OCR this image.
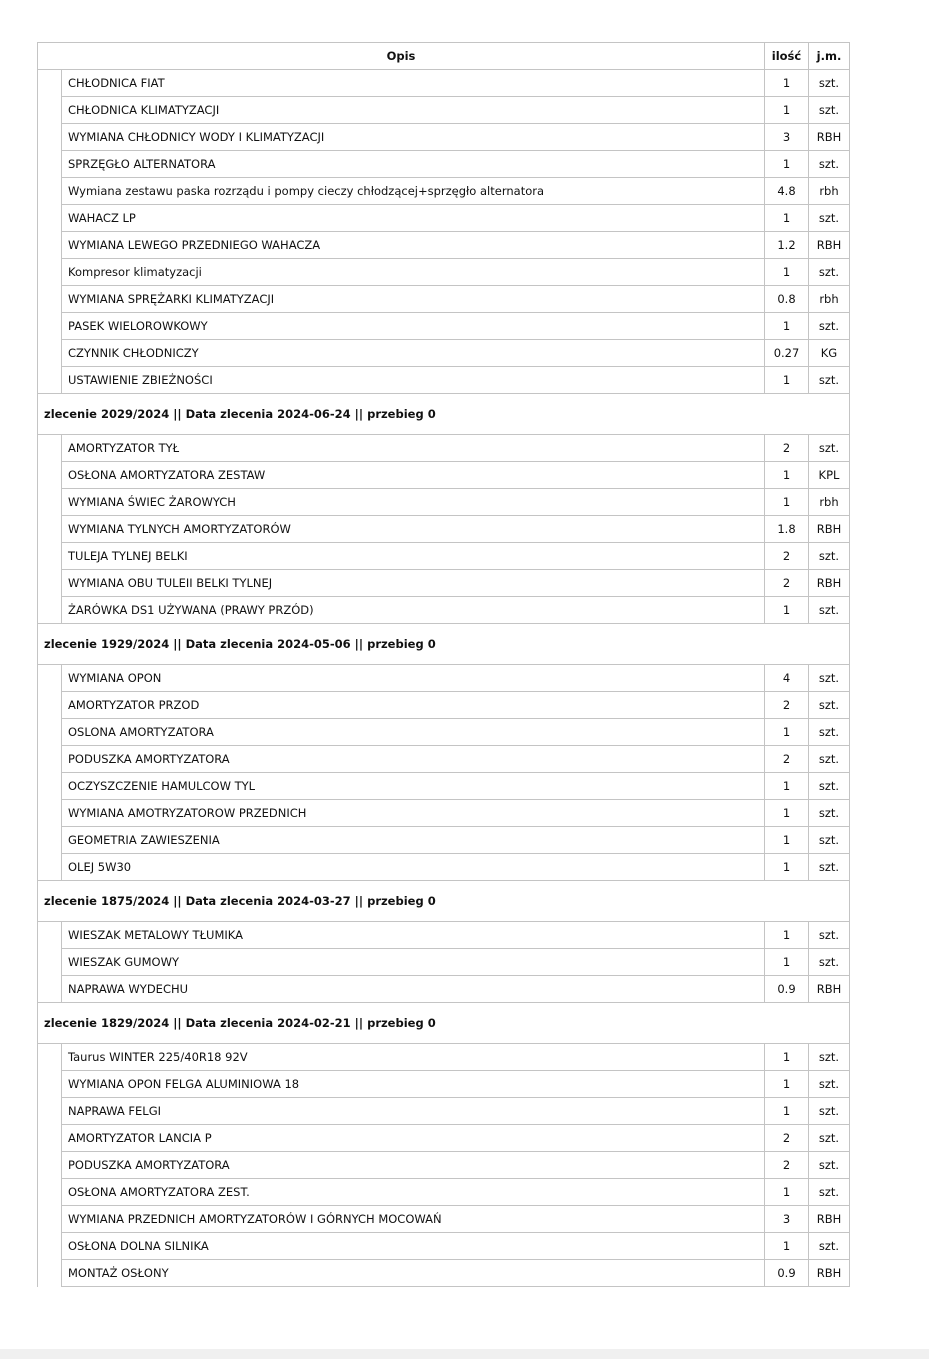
Opis		ilość	j.m.
	CHŁODNICA FIAT	1	szt.
	CHŁODNICA KLIMATYZACJI	1	szt.
	WYMIANA CHŁODNICY WODY I KLIMATYZACJI	3	RBH
	SPRZĘGŁO ALTERNATORA	1	szt.
	Wymiana zestawu paska rozrządu i pompy cieczy chłodzącej+sprzęgło alternatora	4.8	rbh
	WAHACZ LP	1	szt.
	WYMIANA LEWEGO PRZEDNIEGO WAHACZA	1.2	RBH
	Kompresor klimatyzacji	1	szt.
	WYMIANA SPRĘŻARKI KLIMATYZACJI	0.8	rbh
	PASEK WIELOROWKOWY	1	szt.
	CZYNNIK CHŁODNICZY	0.27	KG
	USTAWIENIE ZBIEŻNOŚCI	1	szt.
zlecenie 2029/2024 || Data zlecenia 2024-06-24 || przebieg 0			
	AMORTYZATOR TYŁ	2	szt.
	OSŁONA AMORTYZATORA ZESTAW	1	KPL
	WYMIANA ŚWIEC ŻAROWYCH	1	rbh
	WYMIANA TYLNYCH AMORTYZATORÓW	1.8	RBH
	TULEJA TYLNEJ BELKI	2	szt.
	WYMIANA OBU TULEII BELKI TYLNEJ	2	RBH
	ŻARÓWKA DS1 UŻYWANA (PRAWY PRZÓD)	1	szt.
zlecenie 1929/2024 || Data zlecenia 2024-05-06 || przebieg 0			
	WYMIANA OPON	4	szt.
	AMORTYZATOR PRZOD	2	szt.
	OSLONA AMORTYZATORA	1	szt.
	PODUSZKA AMORTYZATORA	2	szt.
	OCZYSZCZENIE HAMULCOW TYL	1	szt.
	WYMIANA AMOTRYZATOROW PRZEDNICH	1	szt.
	GEOMETRIA ZAWIESZENIA	1	szt.
	OLEJ 5W30	1	szt.
zlecenie 1875/2024 || Data zlecenia 2024-03-27 || przebieg 0			
	WIESZAK METALOWY TŁUMIKA	1	szt.
	WIESZAK GUMOWY	1	szt.
	NAPRAWA WYDECHU	0.9	RBH
zlecenie 1829/2024 || Data zlecenia 2024-02-21 || przebieg 0			
	Taurus WINTER 225/40R18 92V	1	szt.
	WYMIANA OPON FELGA ALUMINIOWA 18	1	szt.
	NAPRAWA FELGI	1	szt.
	AMORTYZATOR LANCIA P	2	szt.
	PODUSZKA AMORTYZATORA	2	szt.
	OSŁONA AMORTYZATORA ZEST.	1	szt.
	WYMIANA PRZEDNICH AMORTYZATORÓW I GÓRNYCH MOCOWAŃ	3	RBH
	OSŁONA DOLNA SILNIKA	1	szt.
	MONTAŻ OSŁONY	0.9	RBH
